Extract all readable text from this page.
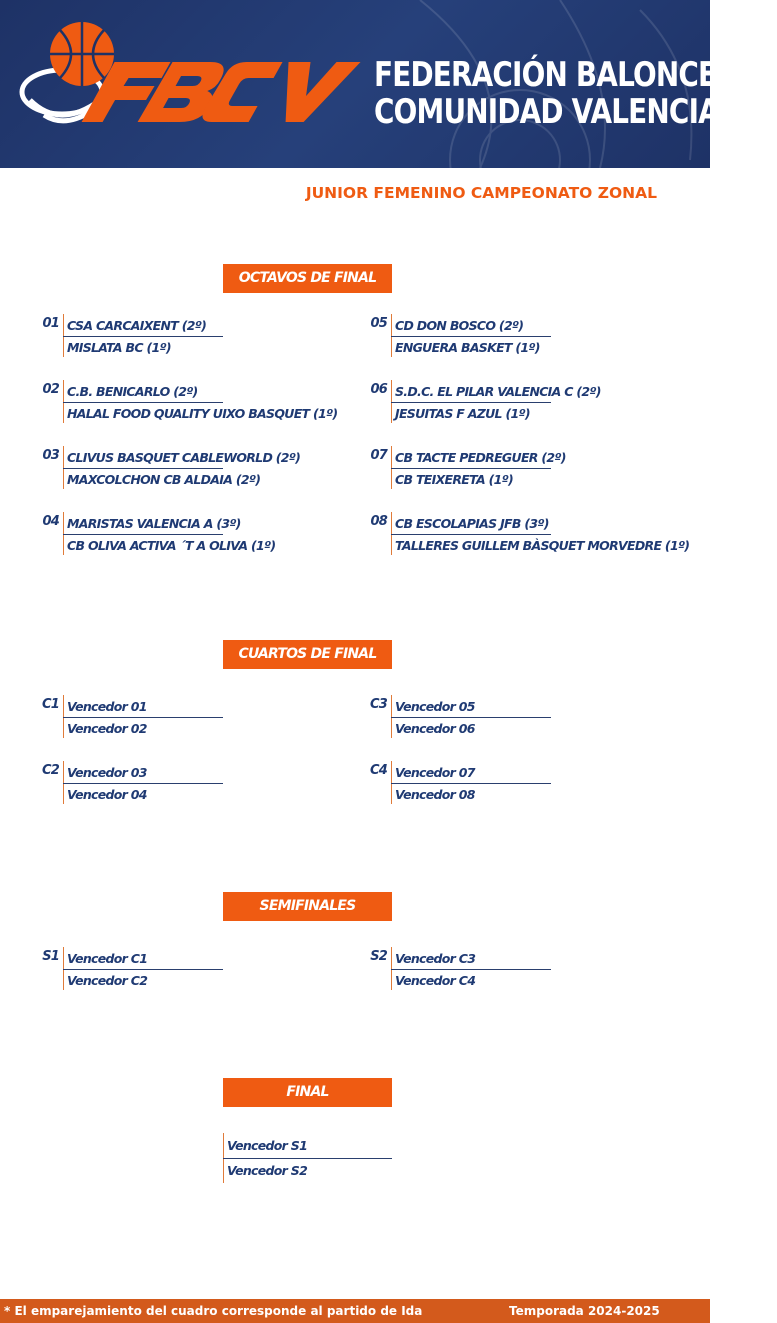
FEDERACIÓN BALONCESTO
COMUNIDAD VALENCIANA
JUNIOR FEMENINO CAMPEONATO ZONAL
OCTAVOS DE FINAL
01 CSA CARCAIXENT (2º)
MISLATA BC (1º)
02 C.B. BENICARLO (2º)
HALAL FOOD QUALITY UIXO BASQUET (1º)
03 CLIVUS BASQUET CABLEWORLD (2º)
MAXCOLCHON CB ALDAIA (2º)
04 MARISTAS VALENCIA A (3º)
CB OLIVA ACTIVA ´T A OLIVA (1º)
05 CD DON BOSCO (2º)
ENGUERA BASKET (1º)
06 S.D.C. EL PILAR VALENCIA C (2º)
JESUITAS F AZUL (1º)
07 CB TACTE PEDREGUER (2º)
CB TEIXERETA (1º)
08 CB ESCOLAPIAS JFB (3º)
TALLERES GUILLEM BÀSQUET MORVEDRE (1º)
CUARTOS DE FINAL
C1 Vencedor 01
Vencedor 02
C2 Vencedor 03
Vencedor 04
C3 Vencedor 05
Vencedor 06
C4 Vencedor 07
Vencedor 08
SEMIFINALES
S1 Vencedor C1
Vencedor C2
S2 Vencedor C3
Vencedor C4
FINAL
Vencedor S1
Vencedor S2
* El emparejamiento del cuadro corresponde al partido de Ida	Temporada 2024-2025
